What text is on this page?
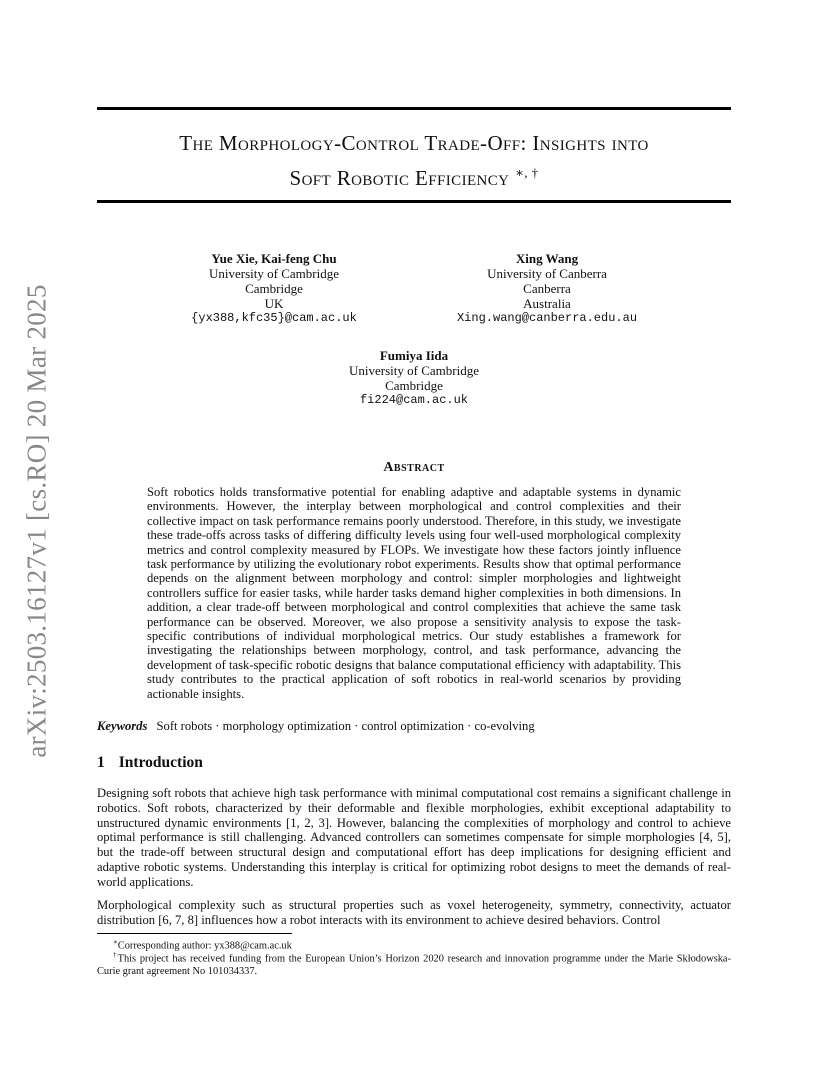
arXiv:2503.16127v1 [cs.RO] 20 Mar 2025
The Morphology-Control Trade-Off: Insights into
Soft Robotic Efficiency ∗, †
Yue Xie, Kai-feng Chu
University of Cambridge
Cambridge
UK
{yx388,kfc35}@cam.ac.uk
Xing Wang
University of Canberra
Canberra
Australia
Xing.wang@canberra.edu.au
Fumiya Iida
University of Cambridge
Cambridge
fi224@cam.ac.uk
Abstract

Soft robotics holds transformative potential for enabling adaptive and adaptable systems in dynamic environments. However, the interplay between morphological and control complexities and their collective impact on task performance remains poorly understood. Therefore, in this study, we investigate these trade-offs across tasks of differing difficulty levels using four well-used morphological complexity metrics and control complexity measured by FLOPs. We investigate how these factors jointly influence task performance by utilizing the evolutionary robot experiments. Results show that optimal performance depends on the alignment between morphology and control: simpler morphologies and lightweight controllers suffice for easier tasks, while harder tasks demand higher complexities in both dimensions. In addition, a clear trade-off between morphological and control complexities that achieve the same task performance can be observed. Moreover, we also propose a sensitivity analysis to expose the task-specific contributions of individual morphological metrics. Our study establishes a framework for investigating the relationships between morphology, control, and task performance, advancing the development of task-specific robotic designs that balance computational efficiency with adaptability. This study contributes to the practical application of soft robotics in real-world scenarios by providing actionable insights.

Keywords Soft robots · morphology optimization · control optimization · co-evolving

1 Introduction

Designing soft robots that achieve high task performance with minimal computational cost remains a significant challenge in robotics. Soft robots, characterized by their deformable and flexible morphologies, exhibit exceptional adaptability to unstructured dynamic environments [1, 2, 3]. However, balancing the complexities of morphology and control to achieve optimal performance is still challenging. Advanced controllers can sometimes compensate for simple morphologies [4, 5], but the trade-off between structural design and computational effort has deep implications for designing efficient and adaptive robotic systems. Understanding this interplay is critical for optimizing robot designs to meet the demands of real-world applications.

Morphological complexity such as structural properties such as voxel heterogeneity, symmetry, connectivity, actuator distribution [6, 7, 8] influences how a robot interacts with its environment to achieve desired behaviors. Control

∗Corresponding author: yx388@cam.ac.uk

†This project has received funding from the European Union’s Horizon 2020 research and innovation programme under the Marie Skłodowska-Curie grant agreement No 101034337.
